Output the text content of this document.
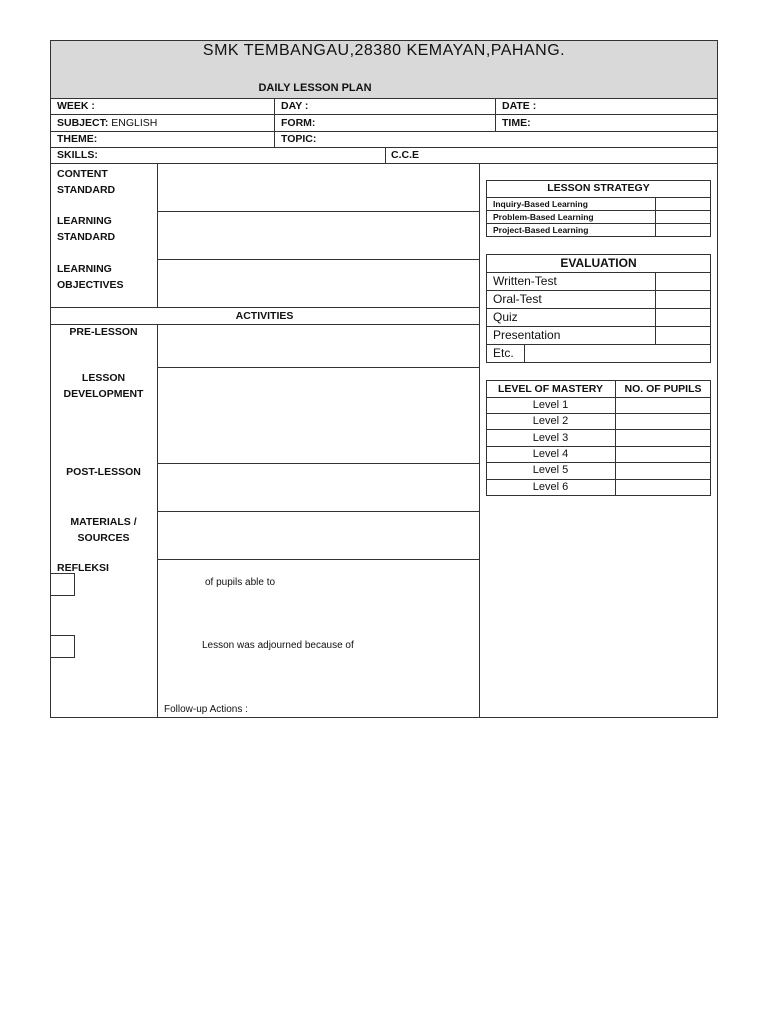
SMK TEMBANGAU,28380 KEMAYAN,PAHANG.
DAILY LESSON PLAN
WEEK :	DAY :	DATE :
SUBJECT: ENGLISH	FORM:	TIME:
THEME:	TOPIC:
SKILLS:	C.C.E
CONTENT
STANDARD
LEARNING
STANDARD
LEARNING
OBJECTIVES
ACTIVITIES
PRE-LESSON
LESSON
DEVELOPMENT
POST-LESSON
MATERIALS /
SOURCES
REFLEKSI
of pupils able to
Lesson was adjourned because of
Follow-up Actions :
LESSON STRATEGY
Inquiry-Based Learning
Problem-Based Learning
Project-Based Learning
EVALUATION
Written-Test
Oral-Test
Quiz
Presentation
Etc.
LEVEL OF MASTERY	NO. OF PUPILS
Level 1
Level 2
Level 3
Level 4
Level 5
Level 6
